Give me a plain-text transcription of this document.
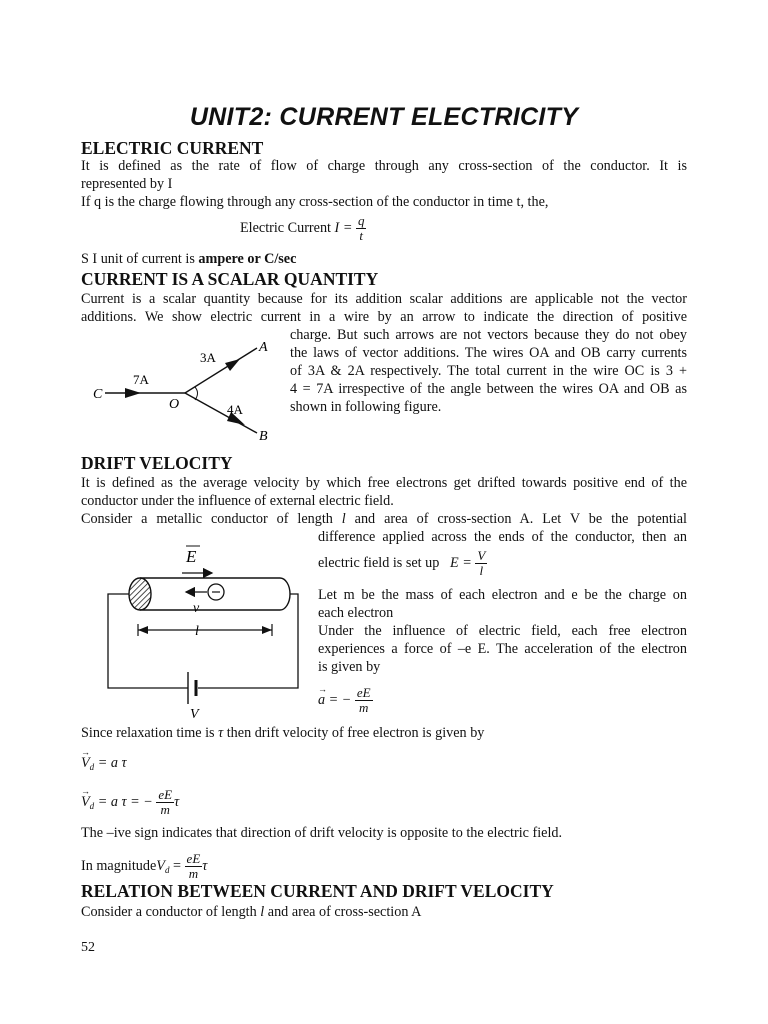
UNIT2: CURRENT ELECTRICITY
ELECTRIC CURRENT
It is defined as the rate of flow of charge through any cross-section of the conductor. It is
represented by I
If q is the charge flowing through any cross-section of the conductor in time t, the,
Electric Current $I = \frac{q}{t}$
S I unit of current is ampere or C/sec
CURRENT IS A SCALAR QUANTITY
Current is a scalar quantity because for its addition scalar additions are applicable not the vector
additions. We show electric current in a wire by an arrow to indicate the direction of positive
charge. But such arrows are not vectors because they do not obey
the laws of vector additions. The wires OA and OB carry currents
of 3A & 2A respectively. The total current in the wire OC is 3 +
4 = 7A irrespective of the angle between the wires OA and OB as
shown in following figure.
C
O
A
B
7A
3A
4A
DRIFT VELOCITY
It is defined as the average velocity by which free electrons get drifted towards positive end of the
conductor under the influence of external electric field.
Consider a metallic conductor of length l and area of cross-section A. Let V be the potential
difference applied across the ends of the conductor, then an
electric field is set up $E = \frac{V}{l}$
Let m be the mass of each electron and e be the charge on
each electron
Under the influence of electric field, each free electron
experiences a force of –e E. The acceleration of the electron
is given by
→ a = − $\frac{eE}{m}$
E
v
l
V
Since relaxation time is τ then drift velocity of free electron is given by
→ $V_d = a$ τ
→ $V_d = a$ τ = − $\frac{eE}{m}$ τ
The –ive sign indicates that direction of drift velocity is opposite to the electric field.
In magnitudeV$_d$ = $\frac{eE}{m}$ τ
RELATION BETWEEN CURRENT AND DRIFT VELOCITY
Consider a conductor of length l and area of cross-section A
52
